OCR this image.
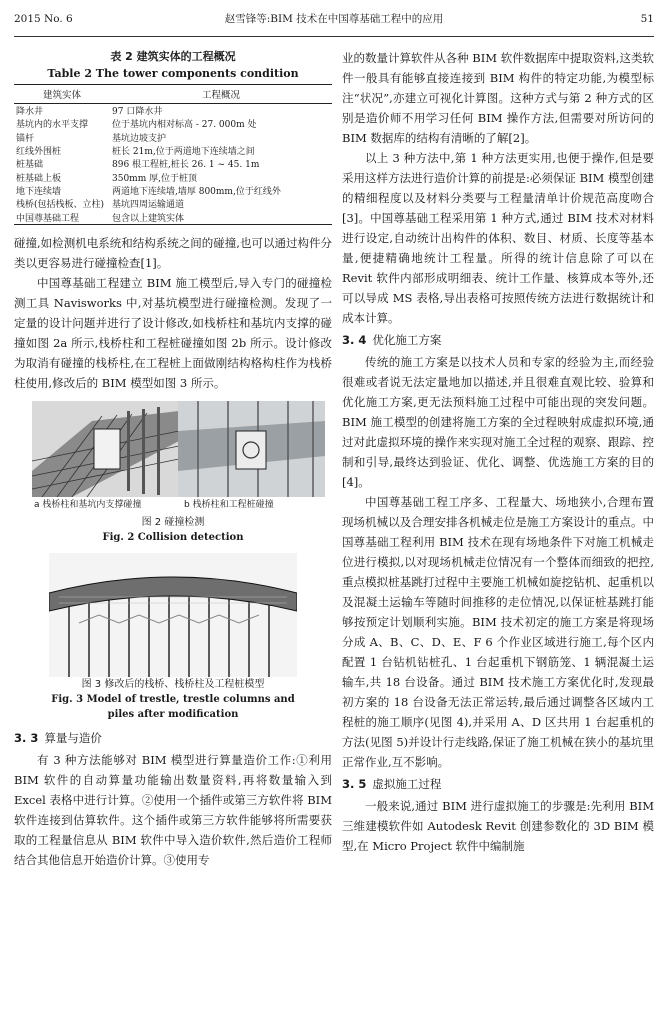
2015 No. 6	赵雪锋等:BIM 技术在中国尊基础工程中的应用	51
表 2 建筑实体的工程概况
Table 2 The tower components condition
建筑实体	工程概况
降水井	97 口降水井
基坑内的水平支撑	位于基坑内相对标高 - 27. 000m 处
锚杆	基坑边坡支护
红线外围桩	桩长 21m,位于两道地下连续墙之间
桩基础	896 根工程桩,桩长 26. 1 ~ 45. 1m
桩基础上板	350mm 厚,位于桩顶
地下连续墙	两道地下连续墙,墙厚 800mm,位于红线外
栈桥(包括栈板、立柱)	基坑四周运输通道
中国尊基础工程	包含以上建筑实体

碰撞,如检测机电系统和结构系统之间的碰撞,也可以通过构件分类以更容易进行碰撞检查[1]。

中国尊基础工程建立 BIM 施工模型后,导入专门的碰撞检测工具 Navisworks 中,对基坑模型进行碰撞检测。发现了一定量的设计问题并进行了设计修改,如栈桥柱和基坑内支撑的碰撞如图 2a 所示,栈桥柱和工程桩碰撞如图 2b 所示。设计修改为取消有碰撞的栈桥柱,在工程桩上面做刚结构格构柱作为栈桥柱使用,修改后的 BIM 模型如图 3 所示。

a 栈桥柱和基坑内支撑碰撞	b 栈桥柱和工程桩碰撞
图 2 碰撞检测
Fig. 2 Collision detection
图 3 修改后的栈桥、栈桥柱及工程桩模型
Fig. 3 Model of trestle, trestle columns and
piles after modification
3. 3 算量与造价

有 3 种方法能够对 BIM 模型进行算量造价工作:①利用 BIM 软件的自动算量功能输出数量资料,再将数量输入到 Excel 表格中进行计算。②使用一个插件或第三方软件将 BIM 软件连接到估算软件。这个插件或第三方软件能够将所需要获取的工程量信息从 BIM 软件中导入造价软件,然后造价工程师结合其他信息开始造价计算。③使用专

业的数量计算软件从各种 BIM 软件数据库中提取资料,这类软件一般具有能够直接连接到 BIM 构件的特定功能,为模型标注“状况”,亦建立可视化计算图。这种方式与第 2 种方式的区别是造价师不用学习任何 BIM 操作方法,但需要对所访问的 BIM 数据库的结构有清晰的了解[2]。

以上 3 种方法中,第 1 种方法更实用,也便于操作,但是要采用这样方法进行造价计算的前提是:必须保证 BIM 模型创建的精细程度以及材料分类要与工程量清单计价规范高度吻合[3]。中国尊基础工程采用第 1 种方式,通过 BIM 技术对材料进行设定,自动统计出构件的体积、数目、材质、长度等基本量,便捷精确地统计工程量。所得的统计信息除了可以在 Revit 软件内部形成明细表、统计工作量、核算成本等外,还可以导成 MS 表格,导出表格可按照传统方法进行数据统计和成本计算。

3. 4 优化施工方案

传统的施工方案是以技术人员和专家的经验为主,而经验很难或者说无法定量地加以描述,并且很难直观比较、验算和优化施工方案,更无法预料施工过程中可能出现的突发问题。BIM 施工模型的创建将施工方案的全过程映射成虚拟环境,通过对此虚拟环境的操作来实现对施工全过程的观察、跟踪、控制和引导,最终达到验证、优化、调整、优选施工方案的目的[4]。

中国尊基础工程工序多、工程量大、场地狭小,合理布置现场机械以及合理安排各机械走位是施工方案设计的重点。中国尊基础工程利用 BIM 技术在现有场地条件下对施工机械走位进行模拟,以对现场机械走位情况有一个整体而细致的把控,重点模拟桩基跳打过程中主要施工机械如旋挖钻机、起重机以及混凝土运输车等随时间推移的走位情况,以保证桩基跳打能够按预定计划顺利实施。BIM 技术初定的施工方案是将现场分成 A、B、C、D、E、F 6 个作业区域进行施工,每个区内配置 1 台钻机钻桩孔、1 台起重机下钢筋笼、1 辆混凝土运输车,共 18 台设备。通过 BIM 技术施工方案优化时,发现最初方案的 18 台设备无法正常运转,最后通过调整各区域内工程桩的施工顺序(见图 4),并采用 A、D 区共用 1 台起重机的方法(见图 5)并设计行走线路,保证了施工机械在狭小的基坑里正常作业,互不影响。

3. 5 虚拟施工过程

一般来说,通过 BIM 进行虚拟施工的步骤是:先利用 BIM 三维建模软件如 Autodesk Revit 创建参数化的 3D BIM 模型,在 Micro Project 软件中编制施
